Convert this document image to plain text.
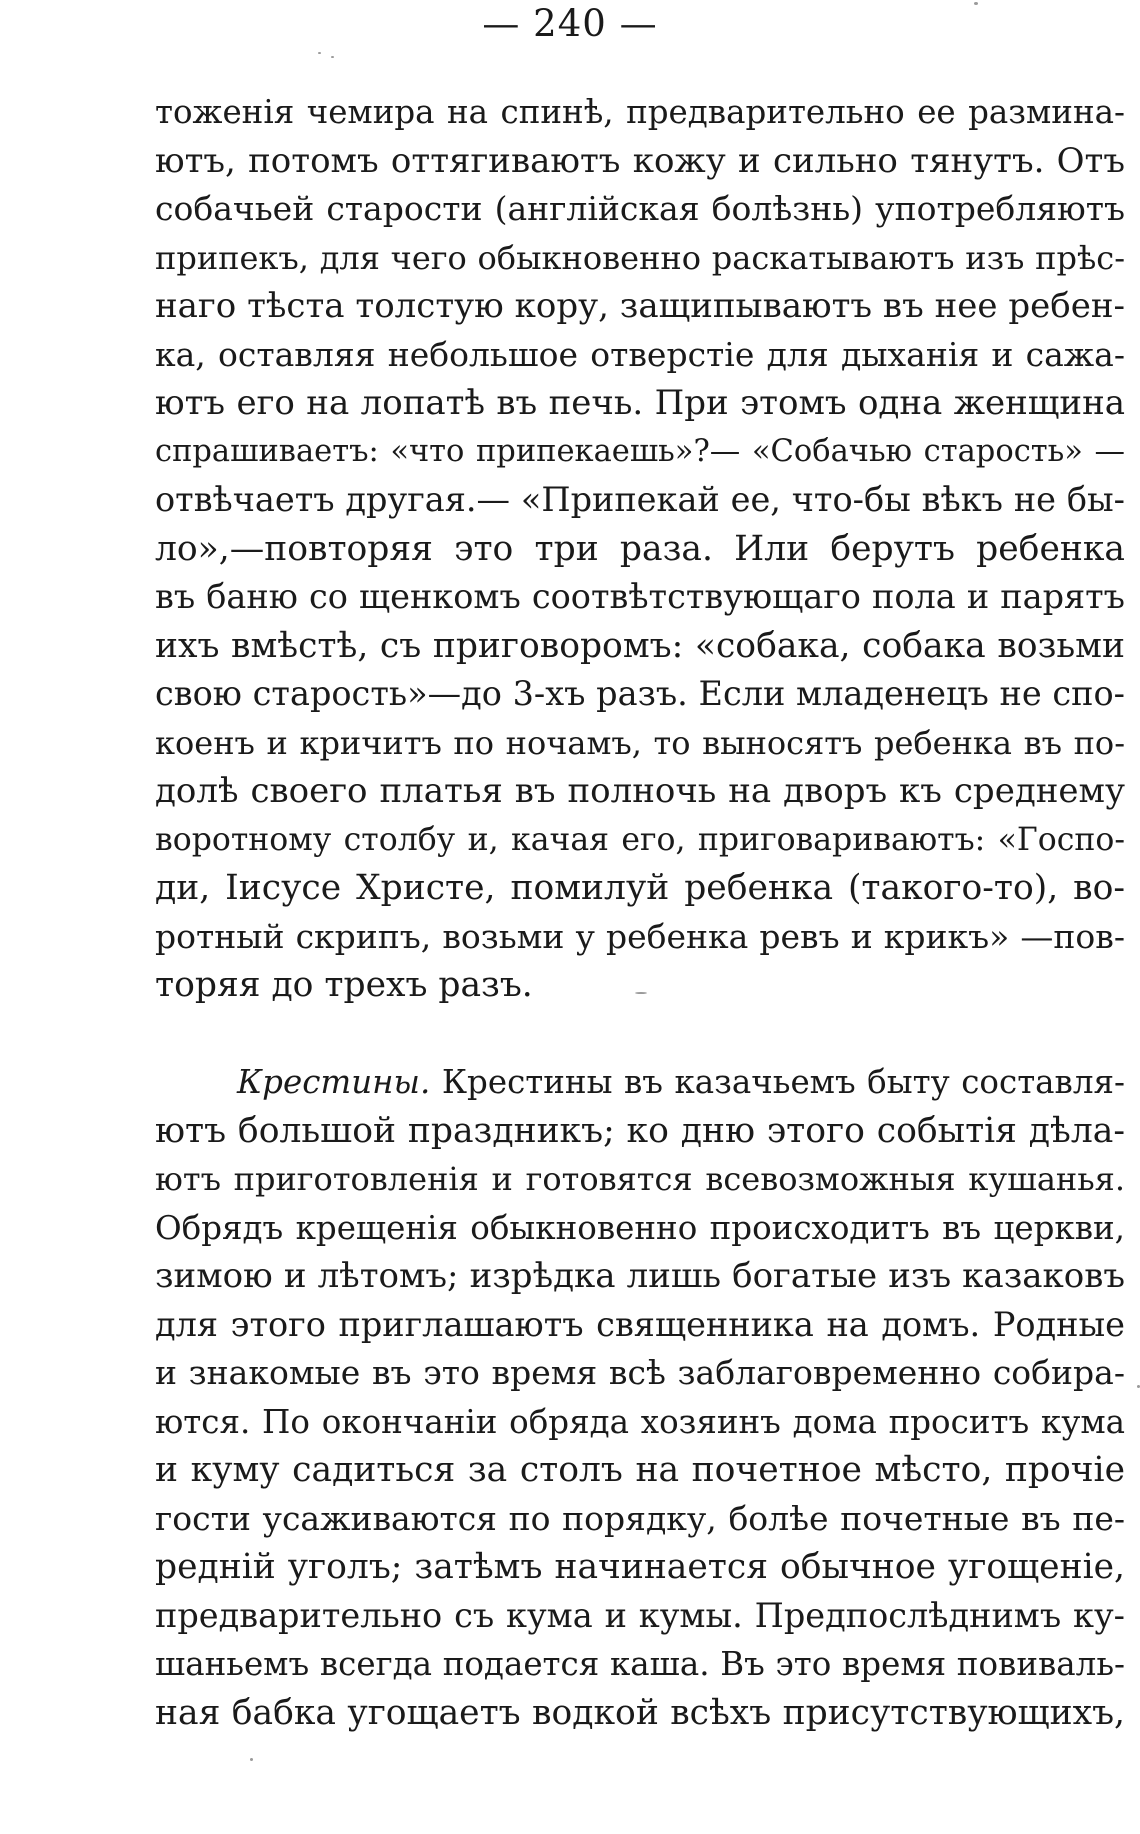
— 240 —
тоженія чемира на спинѣ, предварительно ее размина-
ютъ, потомъ оттягиваютъ кожу и сильно тянутъ. Отъ
собачьей старости (англійская болѣзнь) употребляютъ
припекъ, для чего обыкновенно раскатываютъ изъ прѣс-
наго тѣста толстую кору, защипываютъ въ нее ребен-
ка, оставляя небольшое отверстіе для дыханія и сажа-
ютъ его на лопатѣ въ печь. При этомъ одна женщина
спрашиваетъ: «что припекаешь»?— «Собачью старость» —
отвѣчаетъ другая.— «Припекай ее, что-бы вѣкъ не бы-
ло»,—повторяя это три раза. Или берутъ ребенка
въ баню со щенкомъ соотвѣтствующаго пола и парятъ
ихъ вмѣстѣ, съ приговоромъ: «собака, собака возьми
свою старость»—до 3-хъ разъ. Если младенецъ не спо-
коенъ и кричитъ по ночамъ, то выносятъ ребенка въ по-
долѣ своего платья въ полночь на дворъ къ среднему
воротному столбу и, качая его, приговариваютъ: «Госпо-
ди, Іисусе Христе, помилуй ребенка (такого-то), во-
ротный скрипъ, возьми у ребенка ревъ и крикъ» —пов-
торяя до трехъ разъ.
Крестины. Крестины въ казачьемъ быту составля-
ютъ большой праздникъ; ко дню этого событія дѣла-
ютъ приготовленія и готовятся всевозможныя кушанья.
Обрядъ крещенія обыкновенно происходитъ въ церкви,
зимою и лѣтомъ; изрѣдка лишь богатые изъ казаковъ
для этого приглашаютъ священника на домъ. Родные
и знакомые въ это время всѣ заблаговременно собира-
ются. По окончаніи обряда хозяинъ дома проситъ кума
и куму садиться за столъ на почетное мѣсто, прочіе
гости усаживаются по порядку, болѣе почетные въ пе-
редній уголъ; затѣмъ начинается обычное угощеніе,
предварительно съ кума и кумы. Предпослѣднимъ ку-
шаньемъ всегда подается каша. Въ это время повиваль-
ная бабка угощаетъ водкой всѣхъ присутствующихъ,
